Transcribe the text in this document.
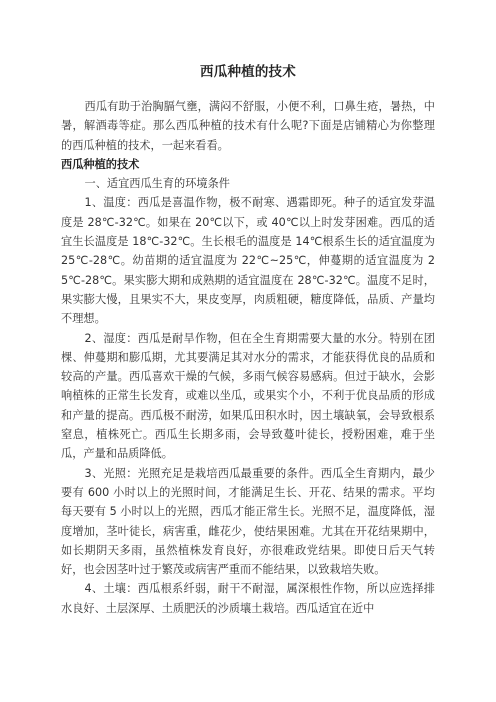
西瓜种植的技术

西瓜有助于治胸膈气壅，满闷不舒服，小便不利，口鼻生疮，暑热，中暑，解酒毒等症。那么西瓜种植的技术有什么呢?下面是店铺精心为你整理的西瓜种植的技术，一起来看看。

西瓜种植的技术

一、适宜西瓜生育的环境条件

1、温度：西瓜是喜温作物，极不耐寒、遇霜即死。种子的适宜发芽温度是 28℃-32℃。如果在 20℃以下，或 40℃以上时发芽困难。西瓜的适宜生长温度是 18℃-32℃。生长根毛的温度是 14℃根系生长的适宜温度为 25℃-28℃。幼苗期的适宜温度为 22℃~25℃，伸蔓期的适宜温度为 25℃-28℃。果实膨大期和成熟期的适宜温度在 28℃-32℃。温度不足时，果实膨大慢，且果实不大，果皮变厚，肉质粗硬，糖度降低，品质、产量均不理想。

2、湿度：西瓜是耐旱作物，但在全生育期需要大量的水分。特别在团棵、伸蔓期和膨瓜期，尤其要满足其对水分的需求，才能获得优良的品质和较高的产量。西瓜喜欢干燥的气候，多雨气候容易感病。但过于缺水，会影响植株的正常生长发育，或难以坐瓜，或果实个小，不利于优良品质的形成和产量的提高。西瓜极不耐涝，如果瓜田积水时，因土壤缺氧，会导致根系窒息，植株死亡。西瓜生长期多雨，会导致蔓叶徒长，授粉困难，难于坐瓜，产量和品质降低。

3、光照：光照充足是栽培西瓜最重要的条件。西瓜全生育期内，最少要有 600 小时以上的光照时间，才能满足生长、开花、结果的需求。平均每天要有 5 小时以上的光照，西瓜才能正常生长。光照不足，温度降低，湿度增加，茎叶徒长，病害重，雌花少，使结果困难。尤其在开花结果期中，如长期阴天多雨，虽然植株发育良好，亦很难政党结果。即使日后天气转好，也会因茎叶过于繁茂或病害严重而不能结果，以致栽培失败。

4、土壤：西瓜根系纤弱，耐干不耐湿，属深根性作物，所以应选择排水良好、土层深厚、土质肥沃的沙质壤土栽培。西瓜适宜在近中
